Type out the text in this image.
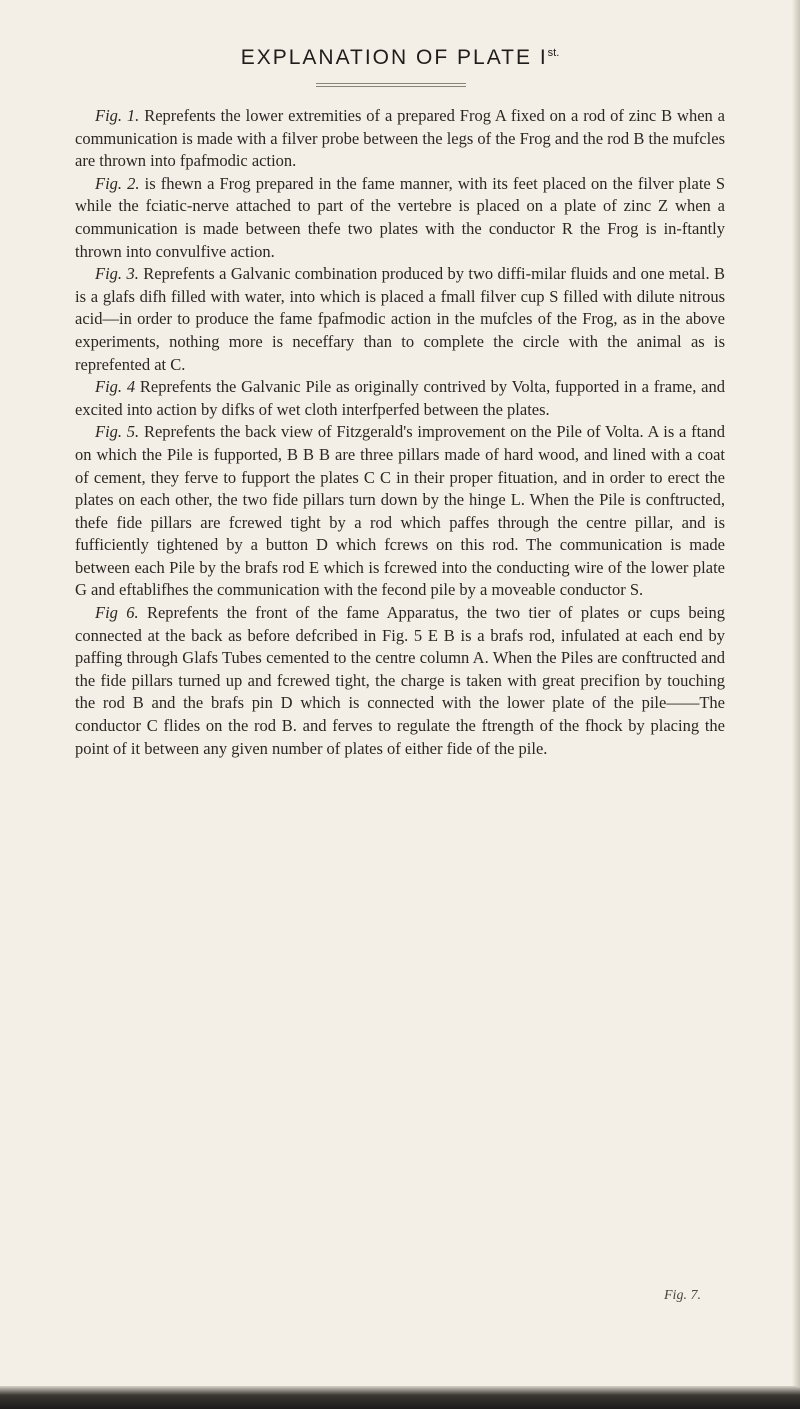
EXPLANATION OF PLATE $I^{st.}$

Fig. 1. Reprefents the lower extremities of a prepared Frog A fixed on a rod of zinc B when a communication is made with a filver probe between the legs of the Frog and the rod B the mufcles are thrown into fpafmodic action.

Fig. 2. is fhewn a Frog prepared in the fame manner, with its feet placed on the filver plate S while the fciatic-nerve attached to part of the vertebre is placed on a plate of zinc Z when a communication is made between thefe two plates with the conductor R the Frog is in-ftantly thrown into convulfive action.

Fig. 3. Reprefents a Galvanic combination produced by two diffi-milar fluids and one metal. B is a glafs difh filled with water, into which is placed a fmall filver cup S filled with dilute nitrous acid—in order to produce the fame fpafmodic action in the mufcles of the Frog, as in the above experiments, nothing more is neceffary than to complete the circle with the animal as is reprefented at C.

Fig. 4 Reprefents the Galvanic Pile as originally contrived by Volta, fupported in a frame, and excited into action by difks of wet cloth interfperfed between the plates.

Fig. 5. Reprefents the back view of Fitzgerald's improvement on the Pile of Volta. A is a ftand on which the Pile is fupported, B B B are three pillars made of hard wood, and lined with a coat of cement, they ferve to fupport the plates C C in their proper fituation, and in order to erect the plates on each other, the two fide pillars turn down by the hinge L. When the Pile is conftructed, thefe fide pillars are fcrewed tight by a rod which paffes through the centre pillar, and is fufficiently tightened by a button D which fcrews on this rod. The communication is made between each Pile by the brafs rod E which is fcrewed into the conducting wire of the lower plate G and eftablifhes the communication with the fecond pile by a moveable conductor S.

Fig 6. Reprefents the front of the fame Apparatus, the two tier of plates or cups being connected at the back as before defcribed in Fig. 5 E B is a brafs rod, infulated at each end by paffing through Glafs Tubes cemented to the centre column A. When the Piles are conftructed and the fide pillars turned up and fcrewed tight, the charge is taken with great precifion by touching the rod B and the brafs pin D which is connected with the lower plate of the pile——The conductor C flides on the rod B. and ferves to regulate the ftrength of the fhock by placing the point of it between any given number of plates of either fide of the pile.

Fig. 7.
